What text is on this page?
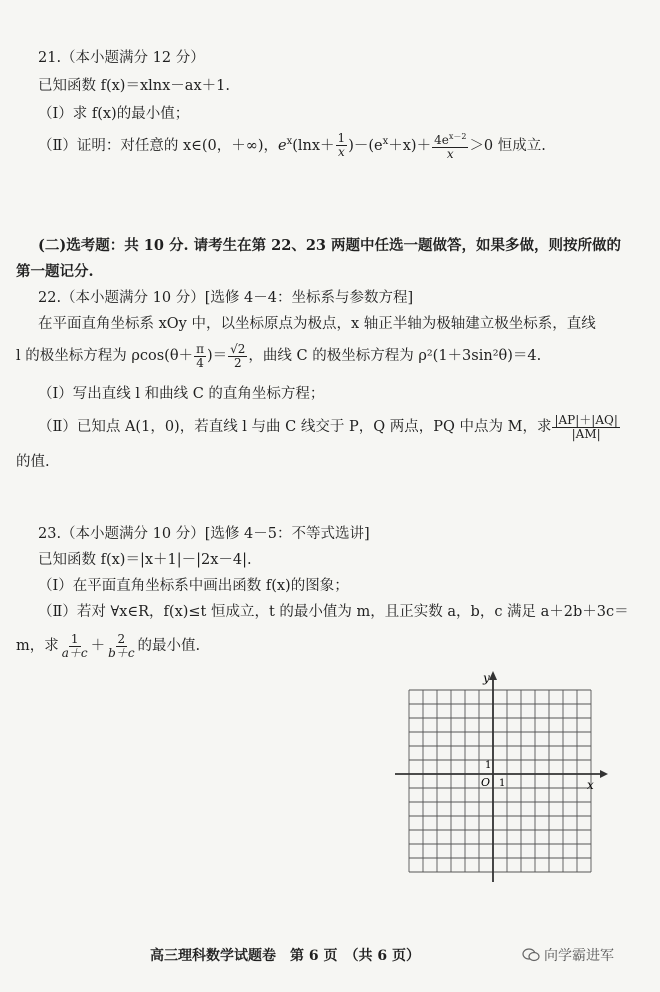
21.（本小题满分 12 分）
已知函数 f(x)＝xlnx－ax＋1.
（Ⅰ）求 f(x)的最小值；
（Ⅱ）证明：对任意的 x∈(0，＋∞)，$e^x(\ln x+ \frac{1}{x} )-(e^x+x)+ \frac{4e^{x-2}}{x} >0$ 恒成立.
(二)选考题：共 10 分. 请考生在第 22、23 两题中任选一题做答，如果多做，则按所做的
第一题记分.
22.（本小题满分 10 分）[选修 4－4：坐标系与参数方程]
在平面直角坐标系 xOy 中，以坐标原点为极点，x 轴正半轴为极轴建立极坐标系，直线
l 的极坐标方程为 $\rho\cos(\theta+ \frac{\pi}{4}$ )＝ $\frac{√2}{2}$ ，曲线 C 的极坐标方程为 ρ²(1＋3sin²θ)＝4.
（Ⅰ）写出直线 l 和曲线 C 的直角坐标方程；
（Ⅱ）已知点 A(1，0)，若直线 l 与曲 C 线交于 P，Q 两点，PQ 中点为 M，求 $\frac{|AP|+|AQ|}{|AM|}$
的值.
23.（本小题满分 10 分）[选修 4－5：不等式选讲]
已知函数 f(x)＝|x＋1|－|2x－4|.
（Ⅰ）在平面直角坐标系中画出函数 f(x)的图象；
（Ⅱ）若对 ∀x∈R，f(x)≤t 恒成立，t 的最小值为 m，且正实数 a，b，c 满足 a＋2b＋3c＝
m，求 $\frac{1}{a+c} + \frac{2}{b+c}$ 的最小值.
y
x
O
1
1
高三理科数学试题卷　第 6 页　（共 6 页）	向学霸进军
